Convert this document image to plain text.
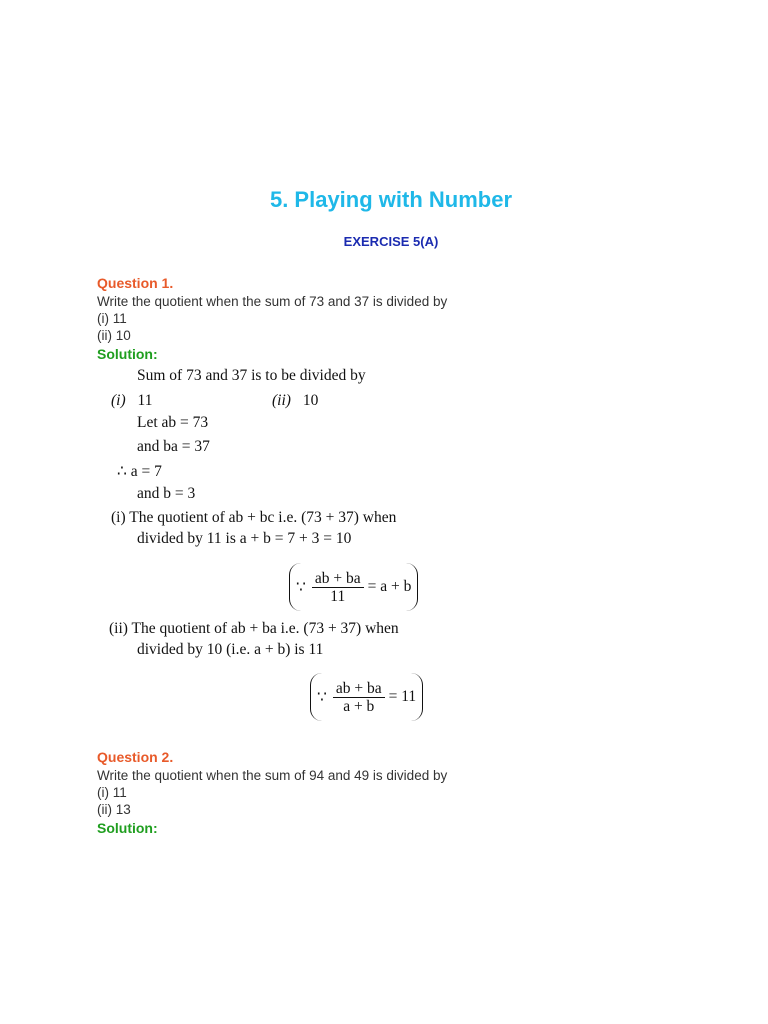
5. Playing with Number
EXERCISE 5(A)
Question 1.
Write the quotient when the sum of 73 and 37 is divided by
(i) 11
(ii) 10
Solution:
Sum of 73 and 37 is to be divided by
(i) 11	(ii) 10
Let ab = 73
and ba = 37
∴ a = 7
and b = 3
(i) The quotient of ab + bc i.e. (73 + 37) when
divided by 11 is a + b = 7 + 3 = 10
∵ $\frac{ab + ba}{11} = a + b$
(ii) The quotient of ab + ba i.e. (73 + 37) when
divided by 10 (i.e. a + b) is 11
∵ $\frac{ab + ba}{a + b} = 11$
Question 2.
Write the quotient when the sum of 94 and 49 is divided by
(i) 11
(ii) 13
Solution:
